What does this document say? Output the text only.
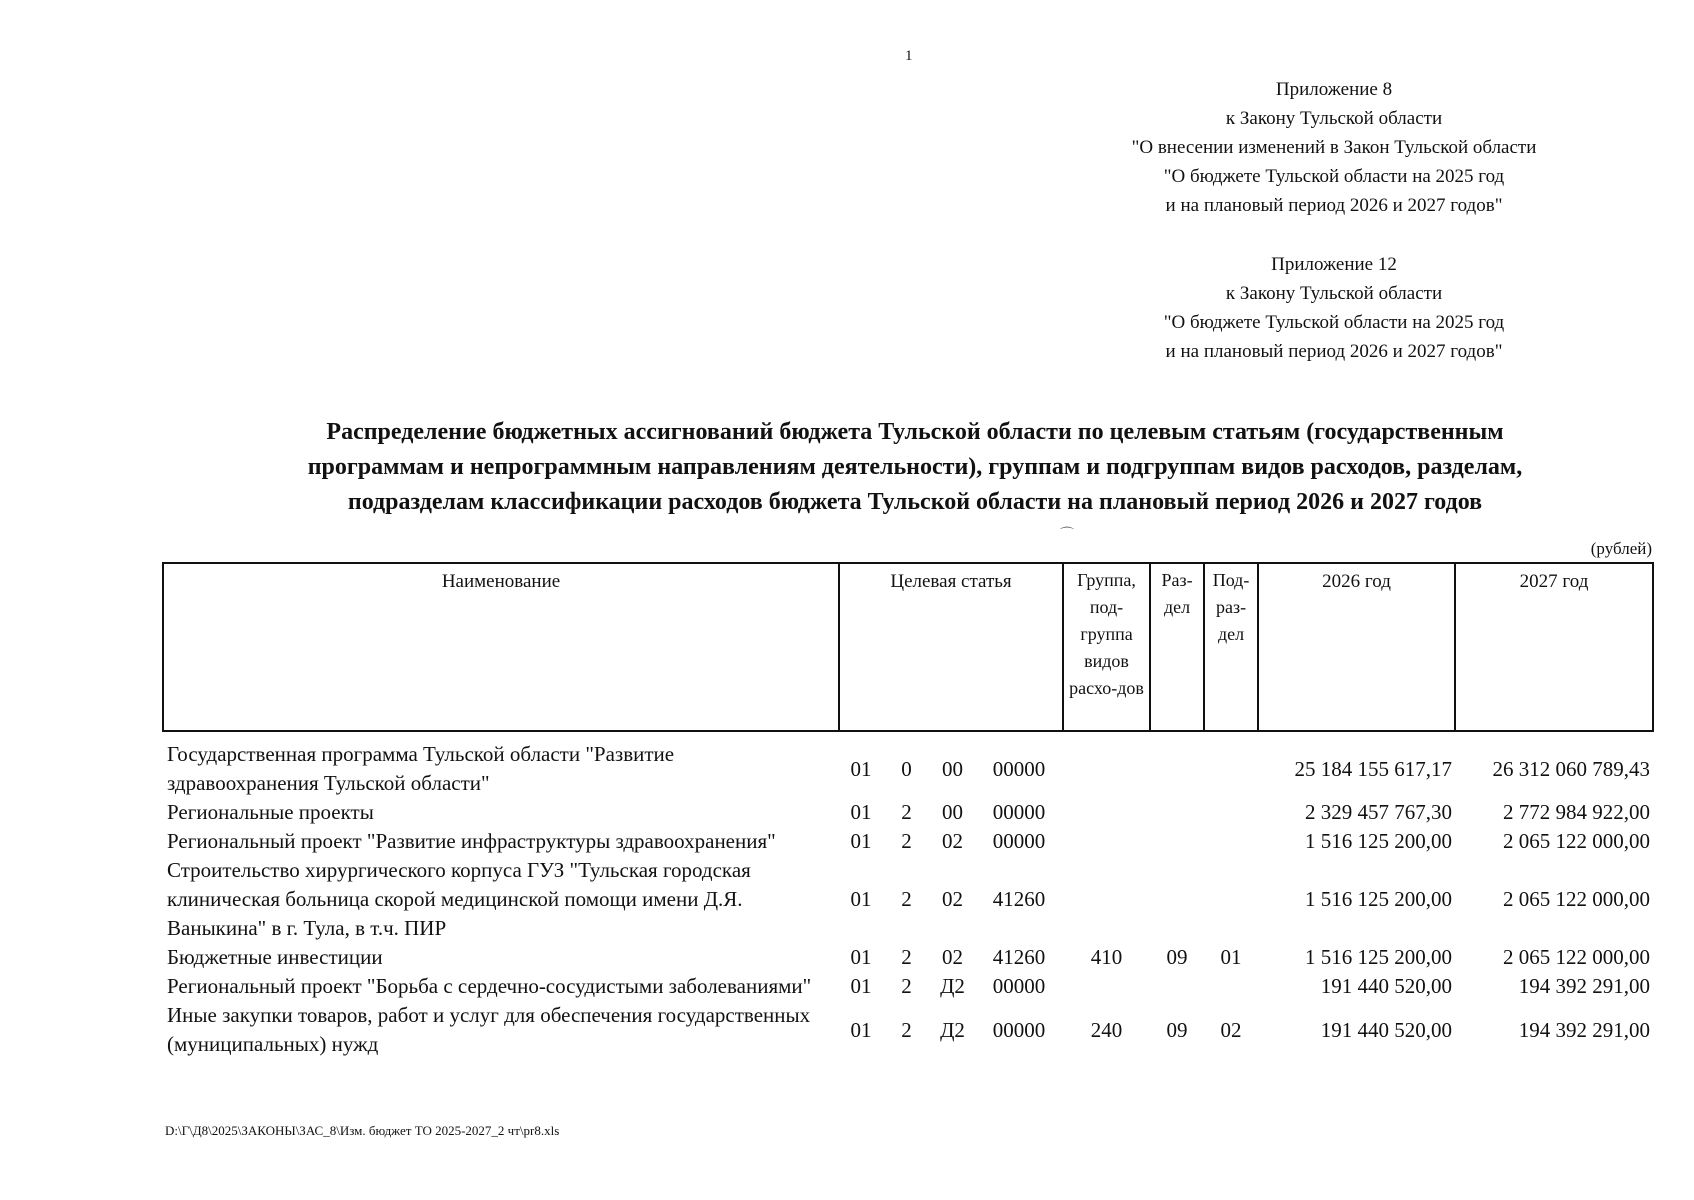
1
Приложение 8
к Закону Тульской области
"О внесении изменений в Закон Тульской области
"О бюджете Тульской области на 2025 год
и на плановый период 2026 и 2027 годов"
Приложение 12
к Закону Тульской области
"О бюджете Тульской области на 2025 год
и на плановый период 2026 и 2027 годов"
Распределение бюджетных ассигнований бюджета Тульской области по целевым статьям (государственным
программам и непрограммным направлениям деятельности), группам и подгруппам видов расходов, разделам,
подразделам классификации расходов бюджета Тульской области на плановый период 2026 и 2027 годов
⌒
(рублей)
Наименование	Целевая статья				Группа, под-группа видов расхо-дов	Раз-дел	Под-раз-дел	2026 год	2027 год
Государственная программа Тульской области "Развитие здравоохранения Тульской области"	01	0	00	00000				25 184 155 617,17	26 312 060 789,43
Региональные проекты	01	2	00	00000				2 329 457 767,30	2 772 984 922,00
Региональный проект "Развитие инфраструктуры здравоохранения"	01	2	02	00000				1 516 125 200,00	2 065 122 000,00
Строительство хирургического корпуса ГУЗ "Тульская городская клиническая больница скорой медицинской помощи имени Д.Я. Ваныкина" в г. Тула, в т.ч. ПИР	01	2	02	41260				1 516 125 200,00	2 065 122 000,00
Бюджетные инвестиции	01	2	02	41260	410	09	01	1 516 125 200,00	2 065 122 000,00
Региональный проект "Борьба с сердечно-сосудистыми заболеваниями"	01	2	Д2	00000				191 440 520,00	194 392 291,00
Иные закупки товаров, работ и услуг для обеспечения государственных (муниципальных) нужд	01	2	Д2	00000	240	09	02	191 440 520,00	194 392 291,00
D:\Г\Д8\2025\ЗАКОНЫ\ЗАС_8\Изм. бюджет ТО 2025-2027_2 чт\pr8.xls
